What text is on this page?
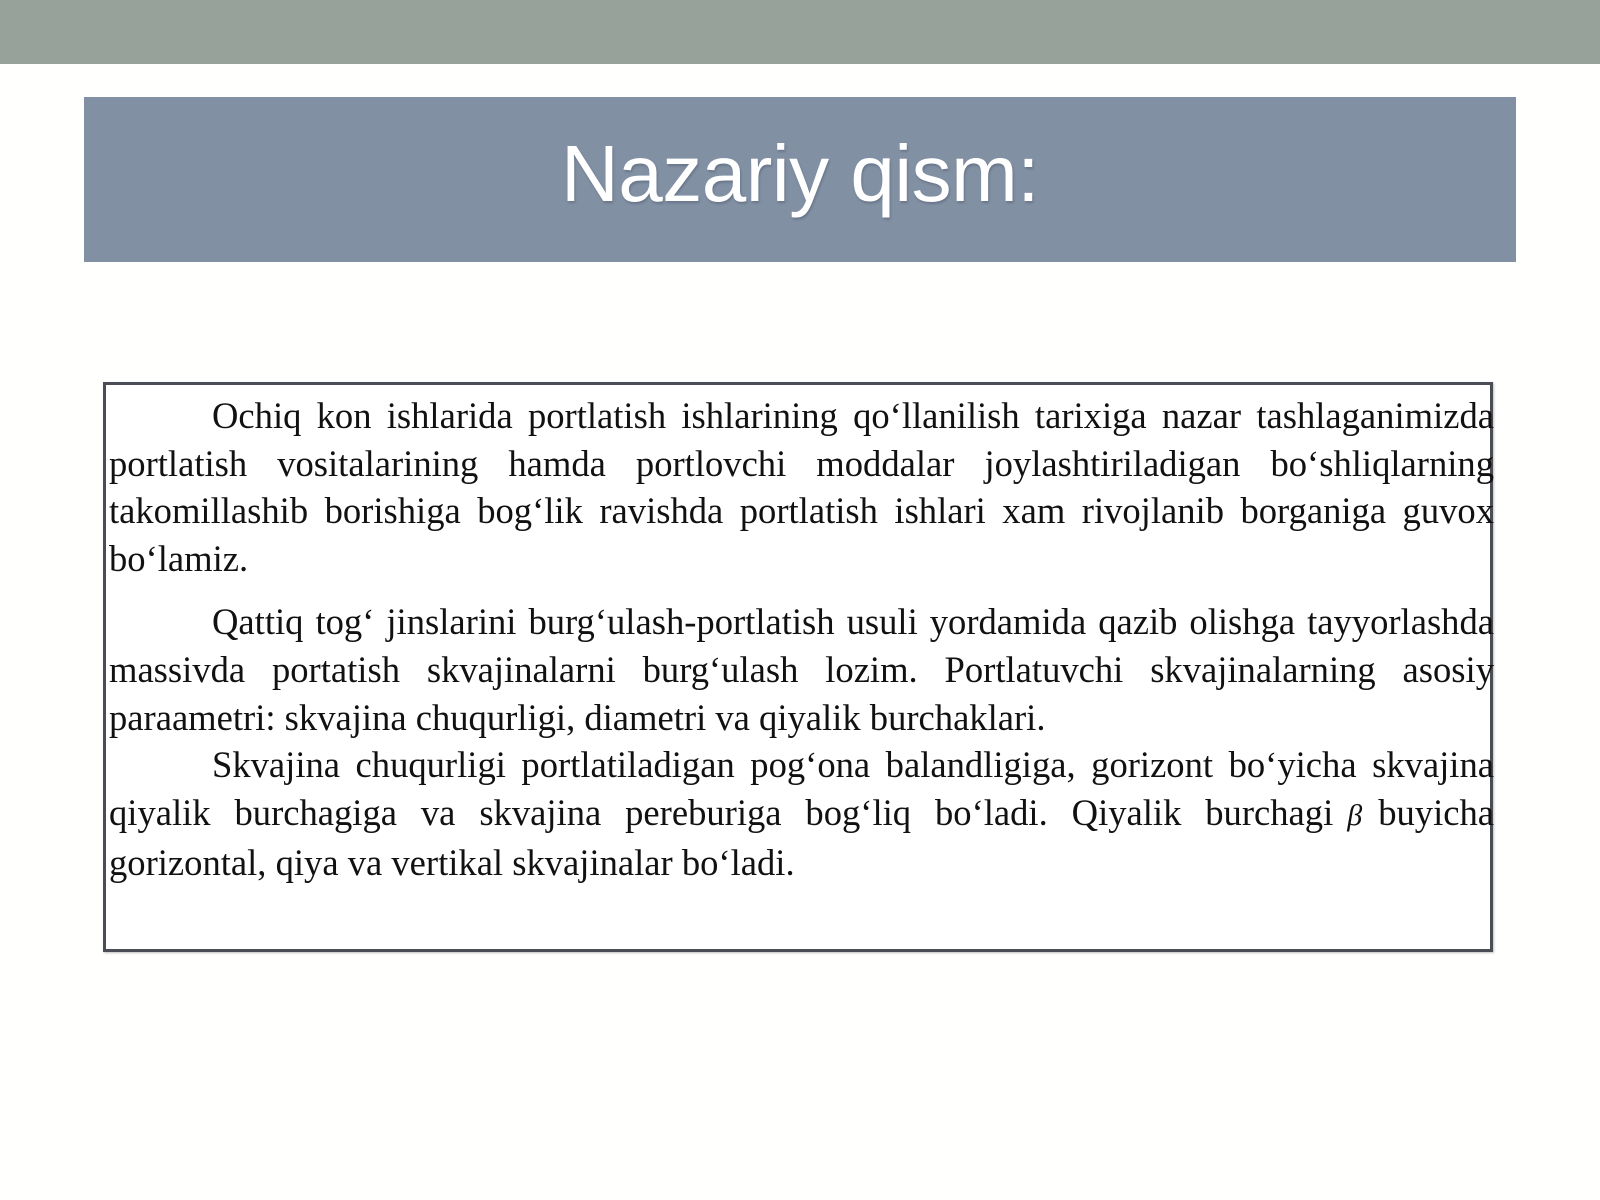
Nazariy qism:

Ochiq kon ishlarida portlatish ishlarining qo‘llanilish tarixiga nazar tashlaganimizda portlatish vositalarining hamda portlovchi moddalar joylashtiriladigan bo‘shliqlarning takomillashib borishiga bog‘lik ravishda portlatish ishlari xam rivojlanib borganiga guvox bo‘lamiz.

Qattiq tog‘ jinslarini burg‘ulash-portlatish usuli yordamida qazib olishga tayyorlashda massivda portatish skvajinalarni burg‘ulash lozim. Portlatuvchi skvajinalarning asosiy paraametri: skvajina chuqurligi, diametri va qiyalik burchaklari.

Skvajina chuqurligi portlatiladigan pog‘ona balandligiga, gorizont bo‘yicha skvajina qiyalik burchagiga va skvajina pereburiga bog‘liq bo‘ladi. Qiyalik burchagi β buyicha gorizontal, qiya va vertikal skvajinalar bo‘ladi.
